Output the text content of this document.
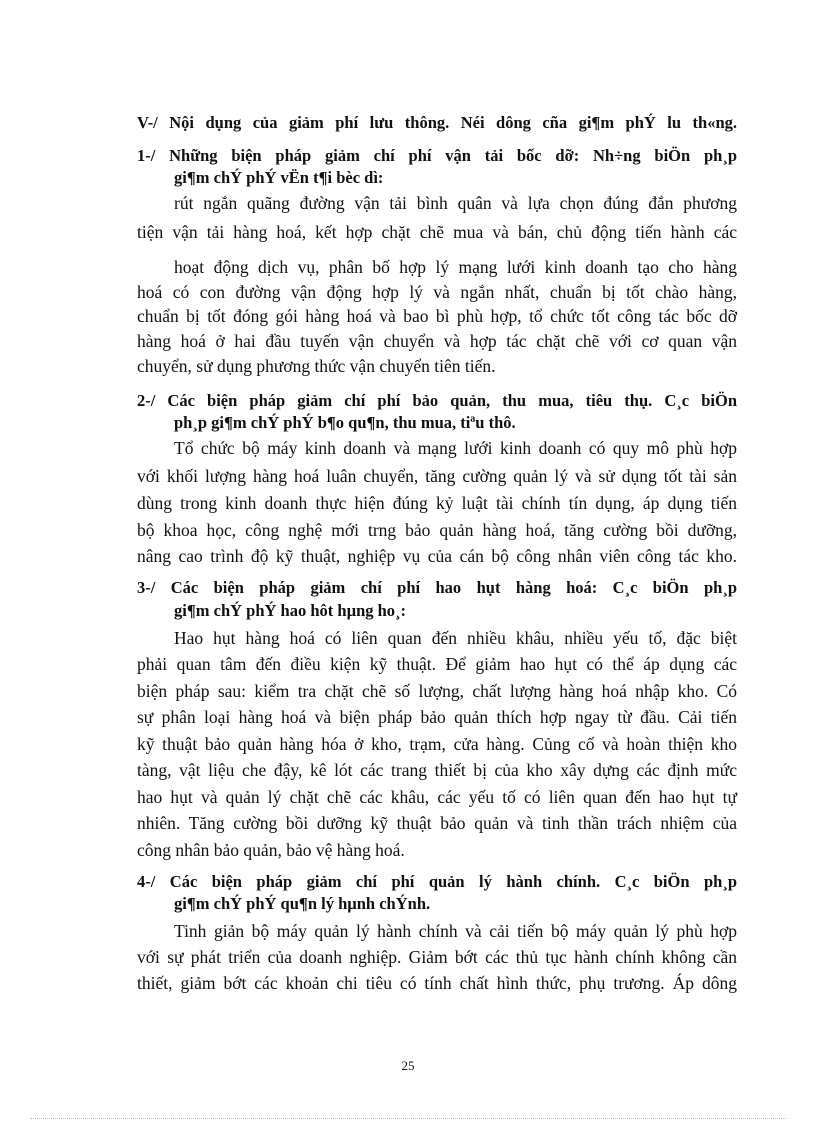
V-/ Nội dụng của giảm phí lưu thông. Néi dông cña gi¶m phÝ lu th«ng.
1-/ Những biện pháp giảm chí phí vận tải bốc dỡ: Nh÷ng biÖn ph¸p
gi¶m chÝ phÝ vËn t¶i bèc dì:
rút ngắn quãng đường vận tải bình quân và lựa chọn đúng đắn phương
tiện vận tải hàng hoá, kết hợp chặt chẽ mua và bán, chủ động tiến hành các
hoạt động dịch vụ, phân bố hợp lý mạng lưới kinh doanh tạo cho hàng
hoá có con đường vận động hợp lý và ngắn nhất, chuẩn bị tốt chào hàng,
chuẩn bị tốt đóng gói hàng hoá và bao bì phù hợp, tổ chức tốt công tác bốc dỡ
hàng hoá ở hai đầu tuyến vận chuyển và hợp tác chặt chẽ với cơ quan vận
chuyển, sử dụng phương thức vận chuyển tiên tiến.
2-/ Các biện pháp giảm chí phí bảo quản, thu mua, tiêu thụ. C¸c biÖn
ph¸p gi¶m chÝ phÝ b¶o qu¶n, thu mua, tiªu thô.
Tổ chức bộ máy kinh doanh và mạng lưới kinh doanh có quy mô phù hợp
với khối lượng hàng hoá luân chuyển, tăng cường quản lý và sử dụng tốt tài sản
dùng trong kinh doanh thực hiện đúng kỷ luật tài chính tín dụng, áp dụng tiến
bộ khoa học, công nghệ mới trng bảo quản hàng hoá, tăng cường bồi dưỡng,
nâng cao trình độ kỹ thuật, nghiệp vụ của cán bộ công nhân viên công tác kho.
3-/ Các biện pháp giảm chí phí hao hụt hàng hoá: C¸c biÖn ph¸p
gi¶m chÝ phÝ hao hôt hµng ho¸:
Hao hụt hàng hoá có liên quan đến nhiều khâu, nhiều yếu tố, đặc biệt
phải quan tâm đến điều kiện kỹ thuật. Để giảm hao hụt có thể áp dụng các
biện pháp sau: kiểm tra chặt chẽ số lượng, chất lượng hàng hoá nhập kho. Có
sự phân loại hàng hoá và biện pháp bảo quản thích hợp ngay từ đầu. Cải tiến
kỹ thuật bảo quản hàng hóa ở kho, trạm, cửa hàng. Củng cố và hoàn thiện kho
tàng, vật liệu che đậy, kê lót các trang thiết bị của kho xây dựng các định mức
hao hụt và quản lý chặt chẽ các khâu, các yếu tố có liên quan đến hao hụt tự
nhiên. Tăng cường bồi dưỡng kỹ thuật bảo quản và tinh thần trách nhiệm của
công nhân bảo quản, bảo vệ hàng hoá.
4-/ Các biện pháp giảm chí phí quản lý hành chính. C¸c biÖn ph¸p
gi¶m chÝ phÝ qu¶n lý hµnh chÝnh.
Tinh giản bộ máy quản lý hành chính và cải tiến bộ máy quản lý phù hợp
với sự phát triển của doanh nghiệp. Giảm bớt các thủ tục hành chính không cần
thiết, giảm bớt các khoản chi tiêu có tính chất hình thức, phụ trương. Áp dông
25
